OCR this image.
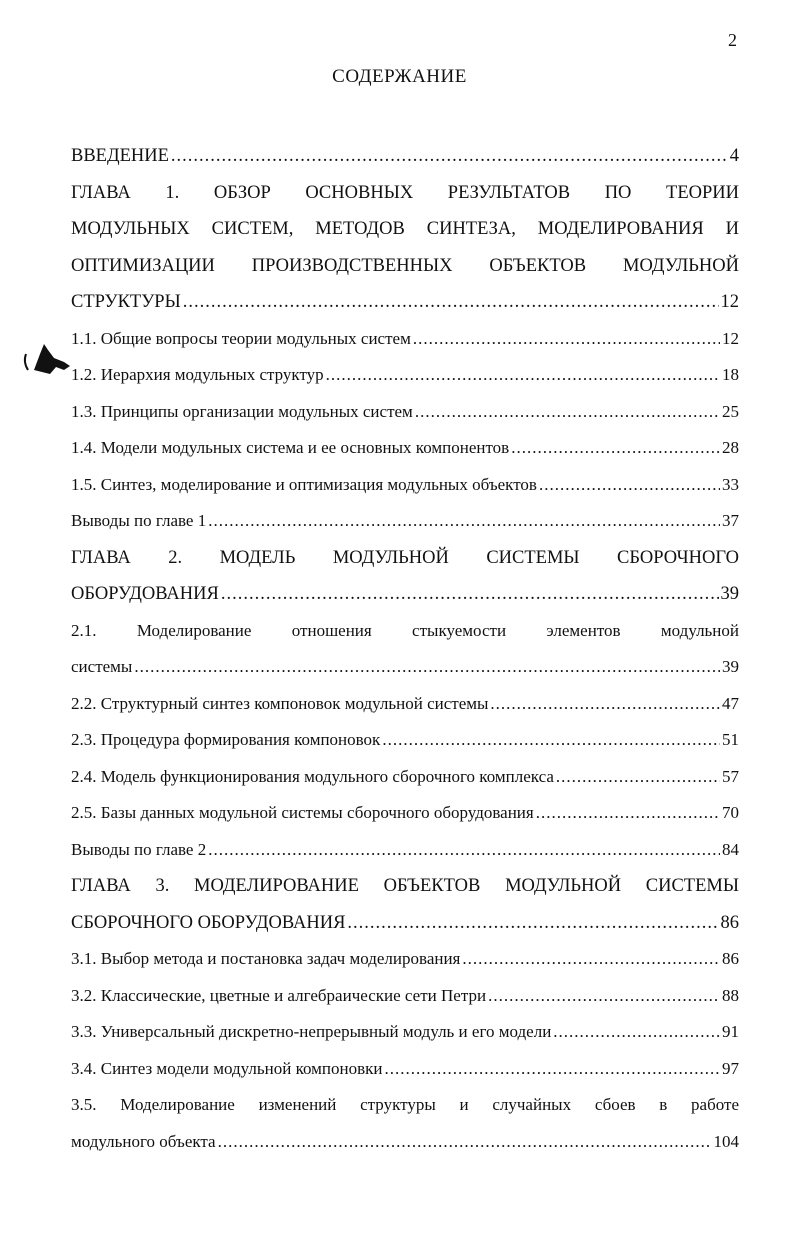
2
СОДЕРЖАНИЕ
ВВЕДЕНИЕ .....	4
ГЛАВА 1. ОБЗОР ОСНОВНЫХ РЕЗУЛЬТАТОВ ПО ТЕОРИИ
МОДУЛЬНЫХ СИСТЕМ, МЕТОДОВ СИНТЕЗА, МОДЕЛИРОВАНИЯ И
ОПТИМИЗАЦИИ ПРОИЗВОДСТВЕННЫХ ОБЪЕКТОВ МОДУЛЬНОЙ
СТРУКТУРЫ .....	12
1.1. Общие вопросы теории модульных систем .....	12
1.2. Иерархия модульных структур .....	18
1.3. Принципы организации модульных систем .....	25
1.4. Модели модульных система и ее основных компонентов .....	28
1.5. Синтез, моделирование и оптимизация модульных объектов .....	33
Выводы по главе 1 .....	37
ГЛАВА 2. МОДЕЛЬ МОДУЛЬНОЙ СИСТЕМЫ СБОРОЧНОГО
ОБОРУДОВАНИЯ .....	39
2.1. Моделирование отношения стыкуемости элементов модульной
системы .....	39
2.2. Структурный синтез компоновок модульной системы .....	47
2.3. Процедура формирования компоновок .....	51
2.4. Модель функционирования модульного сборочного комплекса .....	57
2.5. Базы данных модульной системы сборочного оборудования .....	70
Выводы по главе 2 .....	84
ГЛАВА 3. МОДЕЛИРОВАНИЕ ОБЪЕКТОВ МОДУЛЬНОЙ СИСТЕМЫ
СБОРОЧНОГО ОБОРУДОВАНИЯ .....	86
3.1. Выбор метода и постановка задач моделирования .....	86
3.2. Классические, цветные и алгебраические сети Петри .....	88
3.3. Универсальный дискретно-непрерывный модуль и его модели .....	91
3.4. Синтез модели модульной компоновки .....	97
3.5. Моделирование изменений структуры и случайных сбоев в работе
модульного объекта .....	104
